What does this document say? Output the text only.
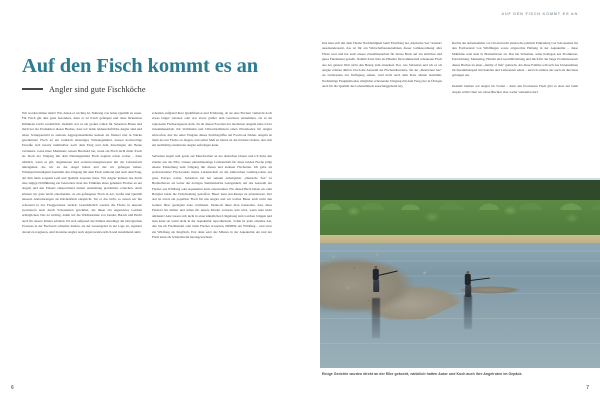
AUF DEN FISCH KOMMT ES AN
Auf den Fisch kommt es an
Angler sind gute Fischköche

Wir werden immer mehr! Wir, denen es wichtig ist, Nahrung von hoher Qualität zu essen. Für Fisch gilt dies ganz besonders, denn er ist frisch gefangen und ohne lückenlose Kühlkette leicht verderblich. Deshalb war es ein großes Glück für Sebastian Braun und mich bei der Produktion dieses Buches, dass wir beide leidenschaftliche Angler sind und unser Schuppenwild in anderen Aggregatzuständen kennen als filetiert und in Stücke geschnitten! Fisch ist ein wahrhaft lebendiges Nahrungsmittel, dessen hochwertige Eiweiße sich bereits unmittelbar nach dem Fang und dem Abschlagen der Beute verändern. Ganz klare Merkmale wissen Bescheid bei, wenn ein Fisch nicht mehr frisch ist. Doch der Umgang mit dem Nahrungsmittel Fisch beginnt schon vorher – dann nämlich, wenn es gilt, angemessen und verantwortungsbewusst mit der Lebensform umzugehen, die wir an der Angel haben und das wir gefangen haben. Windgeschwindigkeit bestimmt den Umgang mit dem Fisch während und nach dem Fang, der ihm mein sorgsam Leid und Qualität ersparen muss. Wir Angler können das durch eine zügige Drillführung zur beurteilen: man das Ermüden eines gehakten Fisches an der Angel) und den Einsatz entsprechend starker Ausrüstung problemlos erreichen. Auch können wir ganz leicht entscheiden, ob ein gefangener Fisch in Art, Größe und Qualität unseren Anforderungen als Küchenfisch entspricht. Tut er das nicht, so setzen wir ihn schonend in das Fanggewässer zurück. Grundsätzlich werden die Fische in unseren Gewässern auch durch Schonzeiten geschützt, die ihnen ein ungestörtes Laichen ermöglichen. Das ist wichtig, damit wir die Wildbestände von Zander, Barsch und Hecht auch für unsere Kinder erhalten. Da sich aufgrund des Klimas allerdings die biologischen Prozesse in der Fischwelt schneller ändern, als der Gesetzgeber in der Lage ist, reguliert darauf zu reagieren, sind moderne Angler auch eigenverantwortlich und zunehmend aktiv.

scheiden aufgrund ihrer Qualifikation und Erfahrung, ob sie eine Fischart vielleicht doch etwas länger schonen oder erst etwas größer dem Gewässer entnehmen, als es im regionalen Fischereigesetz steht. Zu all diesen Facetten der modernen Angelei habe ich in Zusammenarbeit mit Verbänden und Umweltschützern einen Ehrenkodex für Angler entworfen, den Sie unter Eingabe dieses Suchbegriffes auf Facebook finden. Angeln ist mehr als nur Fische zu fangen, und selbst Maß zu halten ist die höchste Ordens, den sich ein nachhaltig orientierter Angler auferlegen kann.

Sebastian angelt sehr gerne auf Meerforellen an der deutschen Ostsee und ich liebe den Zander aus der Elbe. Unsere jahrzehntelange Leidenschaft für diese beiden Fische prägt unsere Einstellung zum Umgang mit diesen und anderen Fischarten. Ich gebe als professioneller Fisch-Guide meine Leidenschaft an die zahlreichen Guiding-Gäste aus ganz Europa weiter. Sebastian hat bei seinem Arbeitgeber „Deutsche See“ in Bremerhaven als Leiter der dortigen Seminarküche Gelegenheit, auf das Auswahl der Fischer aus Wildfang oder Aquakultur aktiv einzuwirken. Für diesen Buch haben wir zum Beispiel beide die Entscheidung getroffen, Bauer kein Aal-Rezept zu präsentieren. Der Aal ist etwas ein populärer Fisch für uns Angler und wir wollen Bauer auch nicht den Genuss Ihrer gezeigten Aale vermissen. Dennoch muss man feststellen, dass diese Fischart für immer und selten für unsere Kinder verloren sein wird, wenn man nicht umdenkt! Aale lassen sich nicht in einer künstlichen Umgebung zum Laichen bringen und man kann sie somit nicht in der Aquakultur reproduzieren. Somit ist jeder einzelne Aal, den Sie im Fischhandel oder beim Fischer erwerben, IMMER ein Wildfang – und zwar ein Wildfang als Jungfisch, Erst dann setzt das Mästen in der Aquakultur ein und der Fisch kann als Schlachtreife herangewachsen.

Das man sich mit dem Thema Nachhaltigkeit beim Fischfang bei „Deutsche See“ intensiv auseinandersetzt, das ist für ein Wirtschaftsunternehmen dieser Größenordnung aller Ehren wert und hat auch unsere Zusammenarbeit für dieses Buch auf ein ehrliches und gutes Fundament gestellt. Natürlich hat man als Händler für kommerziell erbeuteten Fisch aus der ganzen Welt nicht den Bezug zum einzelnen Tier, wie Sebastian und ich es als Angler erleben dürfen. Doch die Auswahl der Fischereibetriebe, die der „Deutschen See“ als Lieferanten zur Verfügung stehen, wird nicht nach dem Preis alleine bestimmt. Nachhaltige Fangmethoden, möglichst schonender Umgang mit dem Fang (der in Übrigen auch für die Qualität des Lebensmittels ausschlaggebend ist),

Rechte der Arbeitnehmer vor Ort und nicht zuletzt die peinlich Einhaltung von Schonzeiten für den Fortbestand von Wildfängen sowie artgerechte Haltung in der Aquakultur – diese Maßstäbe setzt man in Bremerhaven an. Das hat Sebastian, seine Kollegen aus Produktion, Entwicklung, Marketing, Handel und Geschäftsleitung und mich für die lange Produktionszeit dieses Buches zu einer „family of fish“ gemacht. Als diese Familie will sich das Unternehmen im Zusammenspiel mit Kunden und Lieferanten sehen – und ich schätze das auch als durchaus gelungen ein.

Deshalb bleiben wir Angler im Vorteil – denn den frischesten Fisch gibt es eben nur beim Angler selbst! Den wir unverfälschter aber weder verkaufen darf.

Einige Gerichte wurden direkt an der Elbe gekocht, natürlich hatten Autor und Koch auch ihre Angelruten im Gepäck.
6	7
